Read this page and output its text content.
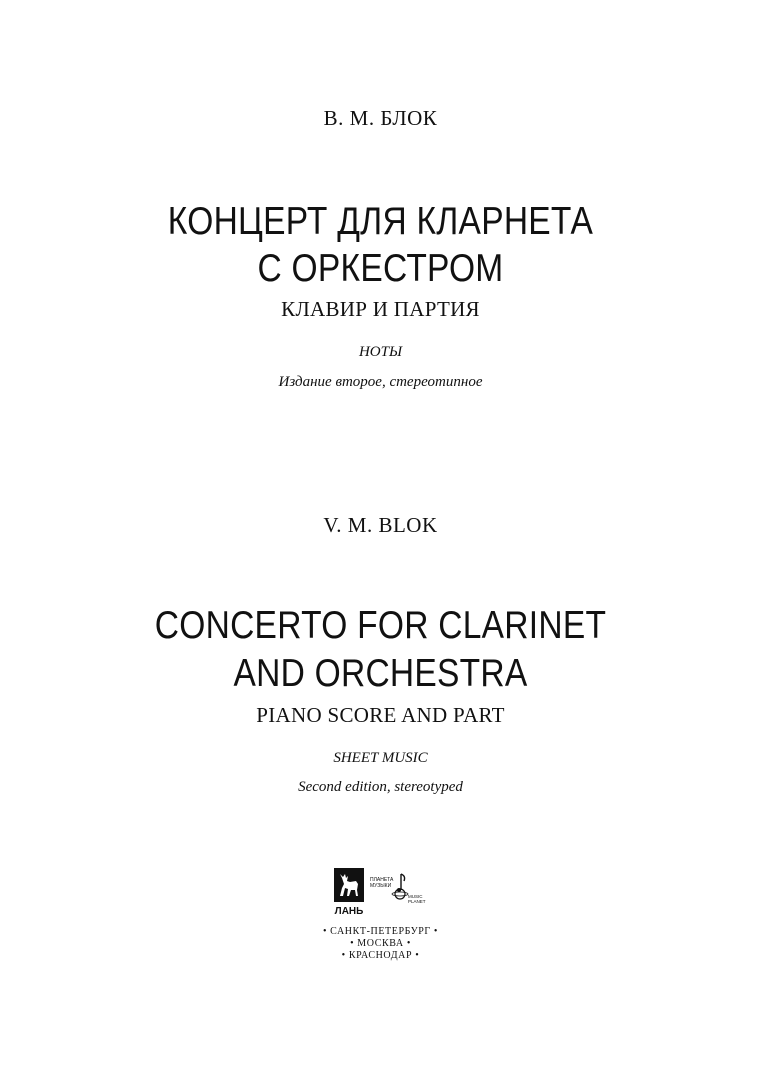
В. М. БЛОК

КОНЦЕРТ ДЛЯ КЛАРНЕТА

С ОРКЕСТРОМ

КЛАВИР И ПАРТИЯ

НОТЫ

Издание второе, стереотипное

V. M. BLOK

CONCERTO FOR CLARINET

AND ORCHESTRA

PIANO SCORE AND PART

SHEET MUSIC

Second edition, stereotyped

ЛАНЬ
ПЛАНЕТА
МУЗЫКИ
MUSIC
PLANET

• САНКТ-ПЕТЕРБУРГ •

• МОСКВА •

• КРАСНОДАР •
